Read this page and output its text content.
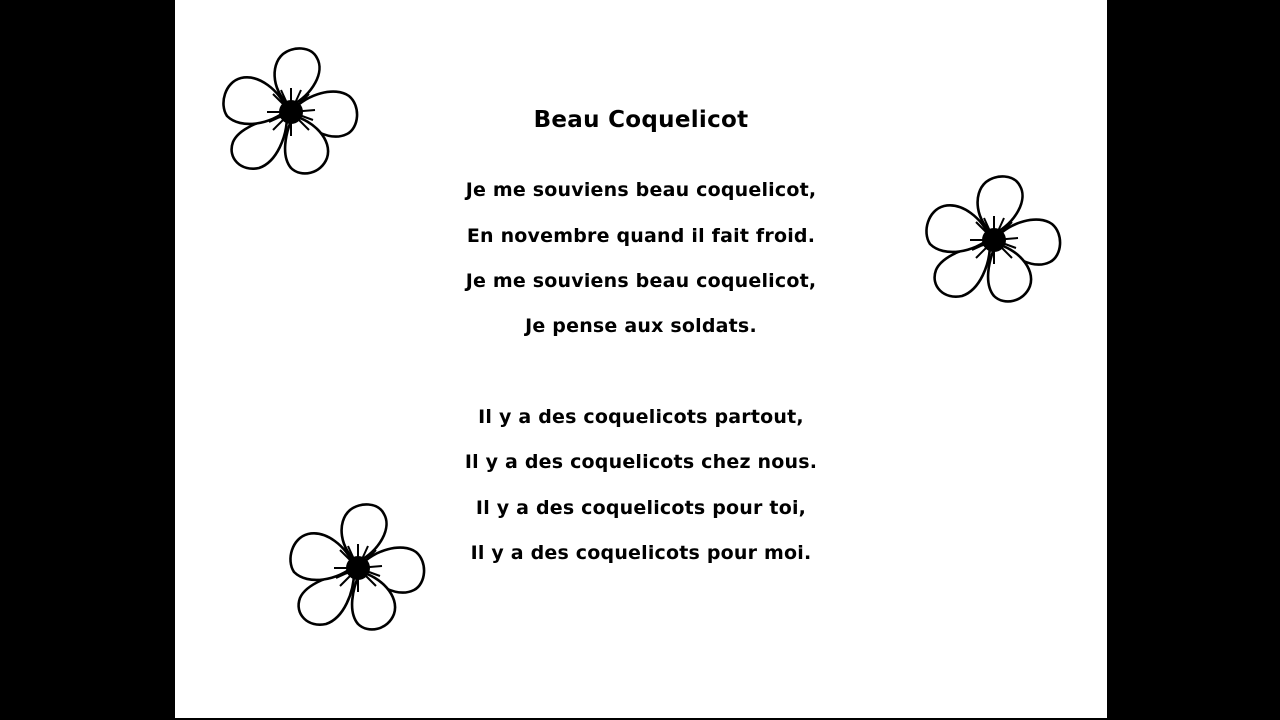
Beau Coquelicot
Je me souviens beau coquelicot,
En novembre quand il fait froid.
Je me souviens beau coquelicot,
Je pense aux soldats.
Il y a des coquelicots partout,
Il y a des coquelicots chez nous.
Il y a des coquelicots pour toi,
Il y a des coquelicots pour moi.
